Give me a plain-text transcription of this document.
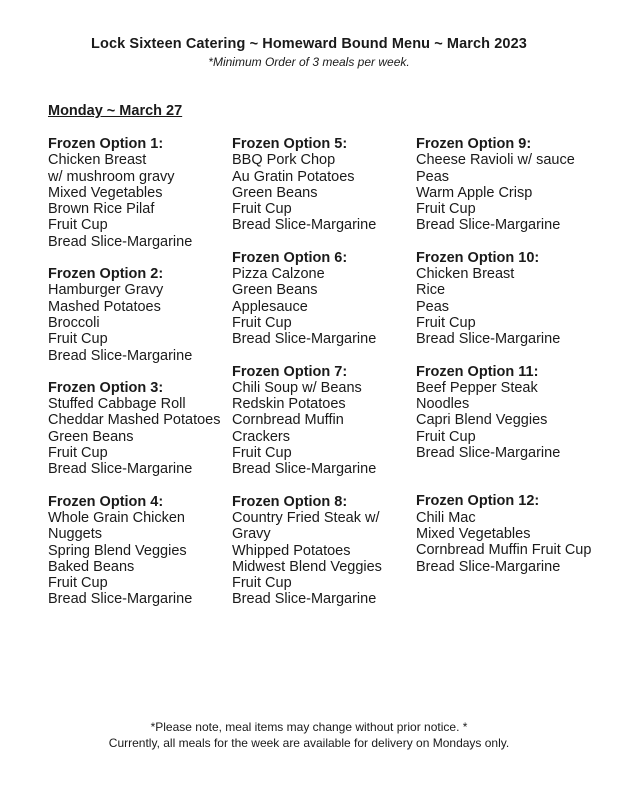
Lock Sixteen Catering ~ Homeward Bound Menu ~ March 2023
*Minimum Order of 3 meals per week.
Monday ~ March 27
Frozen Option 1:
Chicken Breast
w/ mushroom gravy
Mixed Vegetables
Brown Rice Pilaf
Fruit Cup
Bread Slice-Margarine
Frozen Option 2:
Hamburger Gravy
Mashed Potatoes
Broccoli
Fruit Cup
Bread Slice-Margarine
Frozen Option 3:
Stuffed Cabbage Roll
Cheddar Mashed Potatoes
Green Beans
Fruit Cup
Bread Slice-Margarine
Frozen Option 4:
Whole Grain Chicken
Nuggets
Spring Blend Veggies
Baked Beans
Fruit Cup
Bread Slice-Margarine
Frozen Option 5:
BBQ Pork Chop
Au Gratin Potatoes
Green Beans
Fruit Cup
Bread Slice-Margarine
Frozen Option 6:
Pizza Calzone
Green Beans
Applesauce
Fruit Cup
Bread Slice-Margarine
Frozen Option 7:
Chili Soup w/ Beans
Redskin Potatoes
Cornbread Muffin
Crackers
Fruit Cup
Bread Slice-Margarine
Frozen Option 8:
Country Fried Steak w/
Gravy
Whipped Potatoes
Midwest Blend Veggies
Fruit Cup
Bread Slice-Margarine
Frozen Option 9:
Cheese Ravioli w/ sauce
Peas
Warm Apple Crisp
Fruit Cup
Bread Slice-Margarine
Frozen Option 10:
Chicken Breast
Rice
Peas
Fruit Cup
Bread Slice-Margarine
Frozen Option 11:
Beef Pepper Steak
Noodles
Capri Blend Veggies
Fruit Cup
Bread Slice-Margarine
Frozen Option 12:
Chili Mac
Mixed Vegetables
Cornbread Muffin Fruit Cup
Bread Slice-Margarine
*Please note, meal items may change without prior notice. *
Currently, all meals for the week are available for delivery on Mondays only.
